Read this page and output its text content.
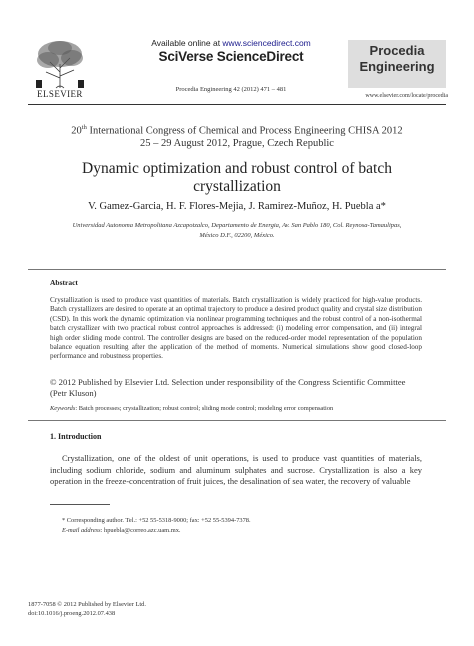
ELSEVIER
Available online at www.sciencedirect.com
SciVerse ScienceDirect
Procedia Engineering 42 (2012) 471 – 481
Procedia
Engineering
www.elsevier.com/locate/procedia
20th International Congress of Chemical and Process Engineering CHISA 2012
25 – 29 August 2012, Prague, Czech Republic
Dynamic optimization and robust control of batch
crystallization
V. Gamez-Garcia, H. F. Flores-Mejia, J. Ramirez-Muñoz, H. Puebla a*
Universidad Autonoma Metropolitana Azcapotzalco, Departamento de Energia, Av. San Pablo 180, Col. Reynosa-Tamaulipas,
México D.F., 02200, México.
Abstract
Crystallization is used to produce vast quantities of materials. Batch crystallization is widely practiced for high-value products. Batch crystallizers are desired to operate at an optimal trajectory to produce a desired product quality and crystal size distribution (CSD). In this work the dynamic optimization via nonlinear programming techniques and the robust control of a non-isothermal batch crystallizer with two practical robust control approaches is addressed: (i) modeling error compensation, and (ii) integral high order sliding mode control. The controller designs are based on the reduced-order model representation of the population balance equation resulting after the application of the method of moments. Numerical simulations show good closed-loop performance and robustness properties.
© 2012 Published by Elsevier Ltd. Selection under responsibility of the Congress Scientific Committee (Petr Kluson)
Keywords: Batch processes; crystallization; robust control; sliding mode control; modeling error compensation
1. Introduction
Crystallization, one of the oldest of unit operations, is used to produce vast quantities of materials, including sodium chloride, sodium and aluminum sulphates and sucrose. Crystallization is also a key operation in the freeze-concentration of fruit juices, the desalination of sea water, the recovery of valuable
* Corresponding author. Tel.: +52 55-5318-9000; fax: +52 55-5394-7378.
E-mail address: hpuebla@correo.azc.uam.mx.
1877-7058 © 2012 Published by Elsevier Ltd.
doi:10.1016/j.proeng.2012.07.438
